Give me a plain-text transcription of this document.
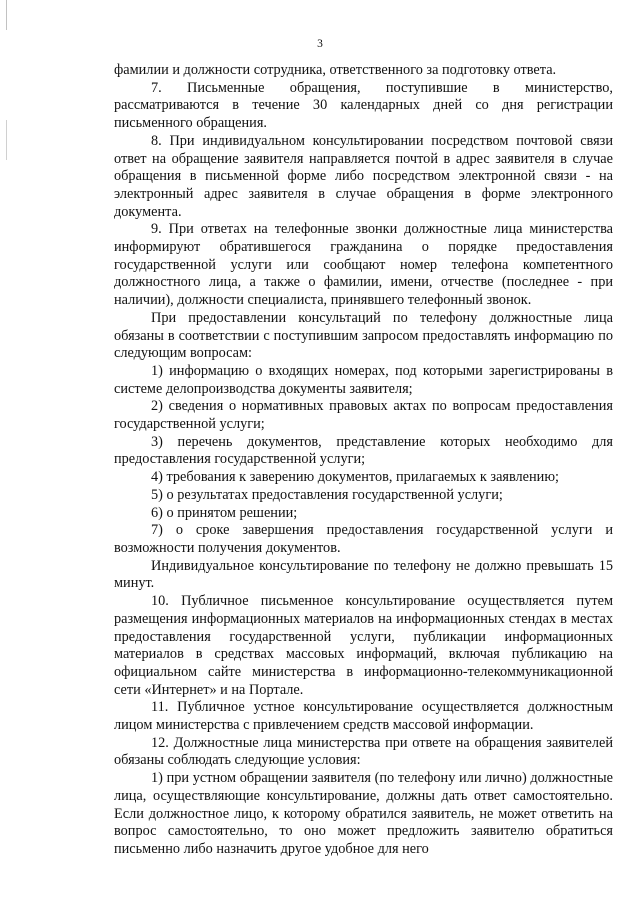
3

фамилии и должности сотрудника, ответственного за подготовку ответа.

7. Письменные обращения, поступившие в министерство, рассматриваются в течение 30 календарных дней со дня регистрации письменного обращения.

8. При индивидуальном консультировании посредством почтовой связи ответ на обращение заявителя направляется почтой в адрес заявителя в случае обращения в письменной форме либо посредством электронной связи - на электронный адрес заявителя в случае обращения в форме электронного документа.

9. При ответах на телефонные звонки должностные лица министерства информируют обратившегося гражданина о порядке предоставления государственной услуги или сообщают номер телефона компетентного должностного лица, а также о фамилии, имени, отчестве (последнее - при наличии), должности специалиста, принявшего телефонный звонок.

При предоставлении консультаций по телефону должностные лица обязаны в соответствии с поступившим запросом предоставлять информацию по следующим вопросам:

1) информацию о входящих номерах, под которыми зарегистрированы в системе делопроизводства документы заявителя;

2) сведения о нормативных правовых актах по вопросам предоставления государственной услуги;

3) перечень документов, представление которых необходимо для предоставления государственной услуги;

4) требования к заверению документов, прилагаемых к заявлению;

5) о результатах предоставления государственной услуги;

6) о принятом решении;

7) о сроке завершения предоставления государственной услуги и возможности получения документов.

Индивидуальное консультирование по телефону не должно превышать 15 минут.

10. Публичное письменное консультирование осуществляется путем размещения информационных материалов на информационных стендах в местах предоставления государственной услуги, публикации информационных материалов в средствах массовых информаций, включая публикацию на официальном сайте министерства в информационно-телекоммуникационной сети «Интернет» и на Портале.

11. Публичное устное консультирование осуществляется должностным лицом министерства с привлечением средств массовой информации.

12. Должностные лица министерства при ответе на обращения заявителей обязаны соблюдать следующие условия:

1) при устном обращении заявителя (по телефону или лично) должностные лица, осуществляющие консультирование, должны дать ответ самостоятельно. Если должностное лицо, к которому обратился заявитель, не может ответить на вопрос самостоятельно, то оно может предложить заявителю обратиться письменно либо назначить другое удобное для него
